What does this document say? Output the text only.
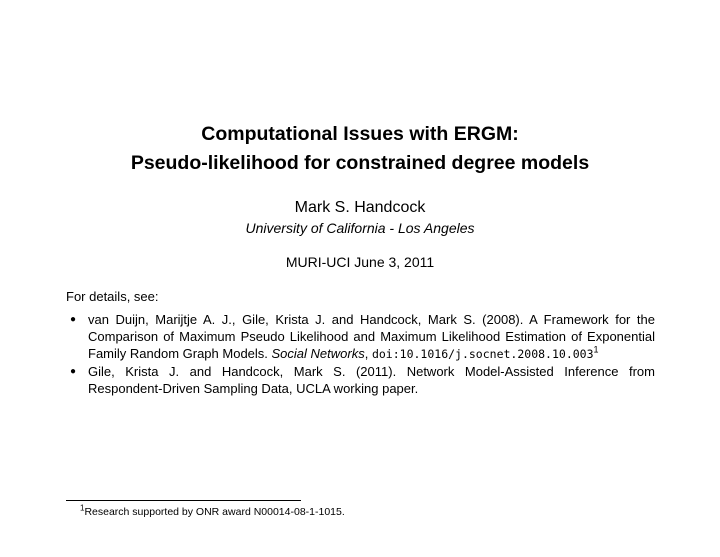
Computational Issues with ERGM:
Pseudo-likelihood for constrained degree models
Mark S. Handcock
University of California - Los Angeles
MURI-UCI June 3, 2011
For details, see:
● van Duijn, Marijtje A. J., Gile, Krista J. and Handcock, Mark S. (2008). A Framework for the Comparison of Maximum Pseudo Likelihood and Maximum Likelihood Estimation of Exponential Family Random Graph Models. Social Networks, doi:10.1016/j.socnet.2008.10.003$^1$
● Gile, Krista J. and Handcock, Mark S. (2011). Network Model-Assisted Inference from Respondent-Driven Sampling Data, UCLA working paper.
$^1$Research supported by ONR award N00014-08-1-1015.
